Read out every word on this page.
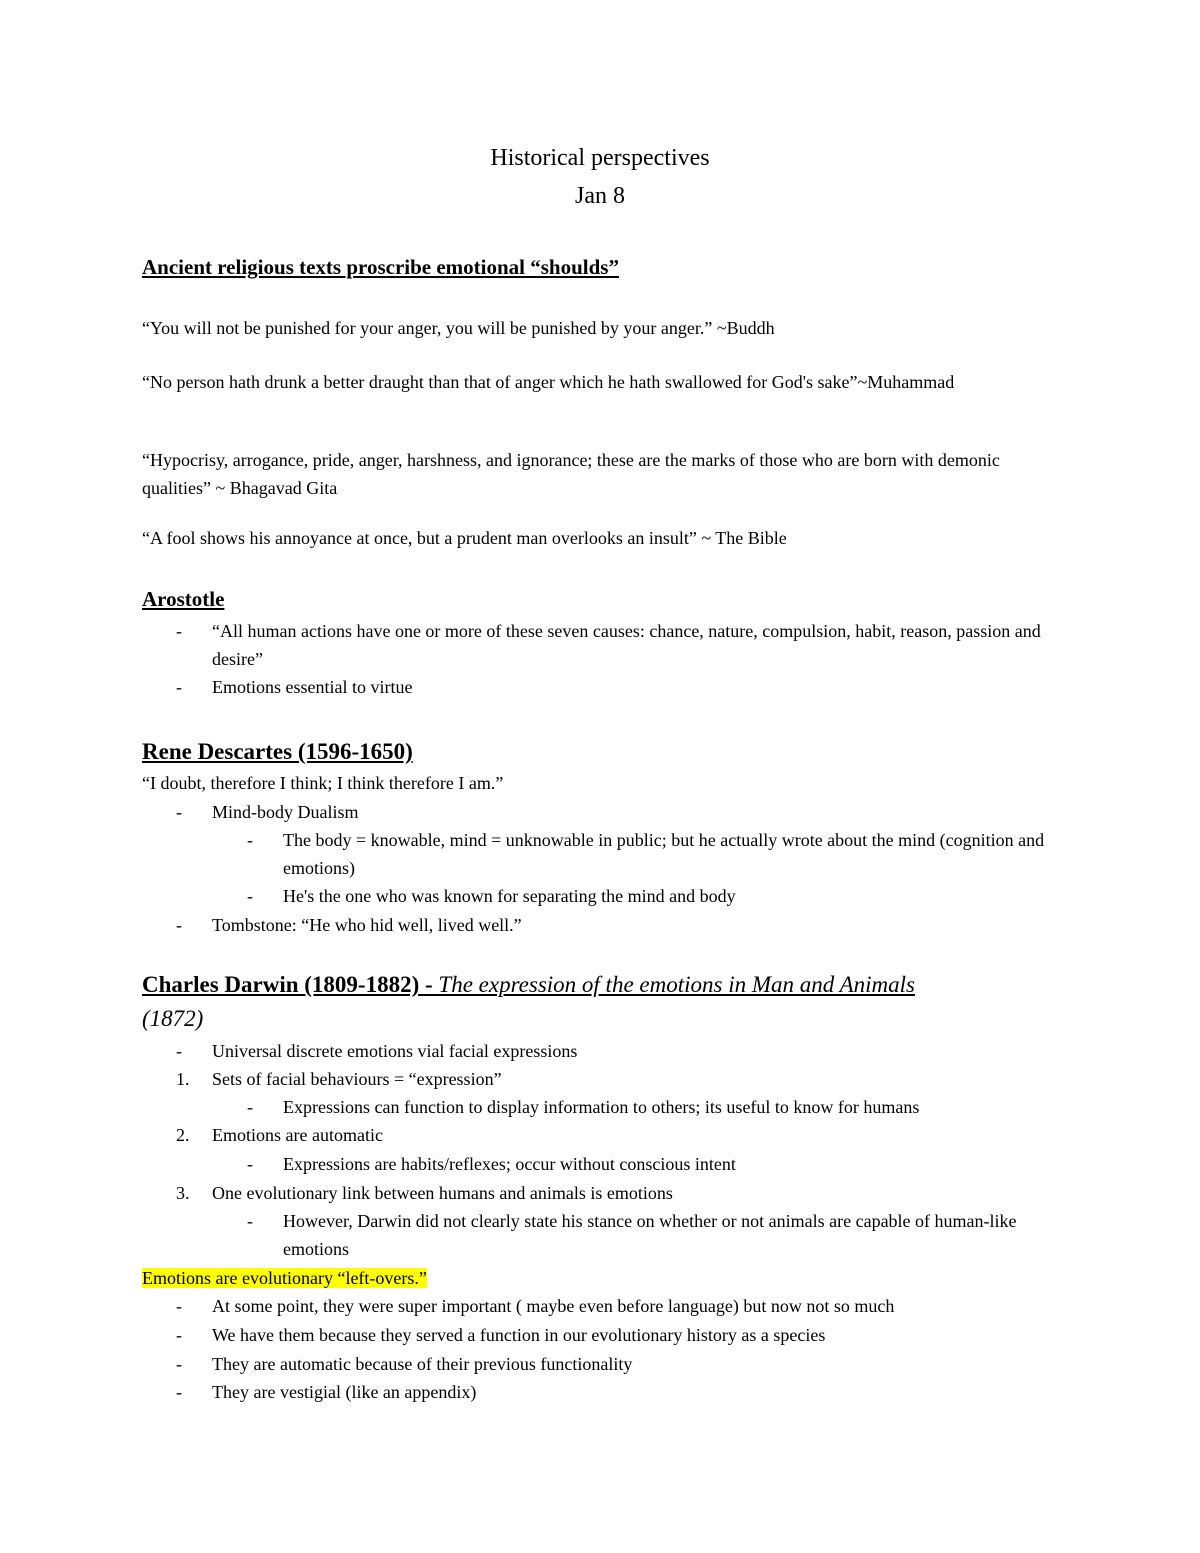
Historical perspectives
Jan 8
Ancient religious texts proscribe emotional “shoulds”
“You will not be punished for your anger, you will be punished by your anger.” ~Buddh
“No person hath drunk a better draught than that of anger which he hath swallowed for God's sake”~Muhammad
“Hypocrisy, arrogance, pride, anger, harshness, and ignorance; these are the marks of those who are born with demonic qualities” ~ Bhagavad Gita
“A fool shows his annoyance at once, but a prudent man overlooks an insult” ~ The Bible
Arostotle
- “All human actions have one or more of these seven causes: chance, nature, compulsion, habit, reason, passion and desire”
- Emotions essential to virtue
Rene Descartes (1596-1650)
“I doubt, therefore I think; I think therefore I am.”
- Mind-body Dualism
- The body = knowable, mind = unknowable in public; but he actually wrote about the mind (cognition and emotions)
- He's the one who was known for separating the mind and body
- Tombstone: “He who hid well, lived well.”
Charles Darwin (1809-1882) - The expression of the emotions in Man and Animals
(1872)
- Universal discrete emotions vial facial expressions
1. Sets of facial behaviours = “expression”
- Expressions can function to display information to others; its useful to know for humans
2. Emotions are automatic
- Expressions are habits/reflexes; occur without conscious intent
3. One evolutionary link between humans and animals is emotions
- However, Darwin did not clearly state his stance on whether or not animals are capable of human-like emotions
Emotions are evolutionary “left-overs.”
- At some point, they were super important ( maybe even before language) but now not so much
- We have them because they served a function in our evolutionary history as a species
- They are automatic because of their previous functionality
- They are vestigial (like an appendix)
